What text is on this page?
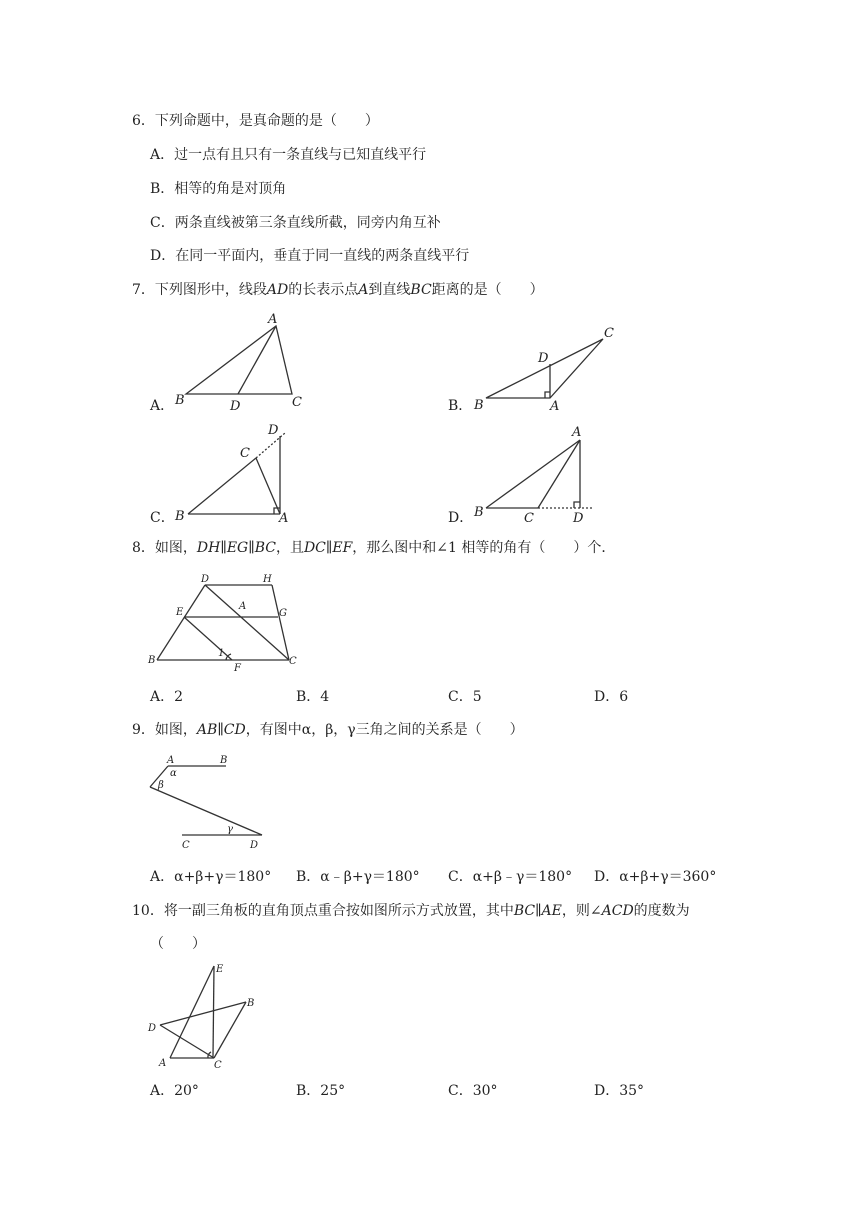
6．下列命题中，是真命题的是（　　）
A．过一点有且只有一条直线与已知直线平行
B．相等的角是对顶角
C．两条直线被第三条直线所截，同旁内角互补
D．在同一平面内，垂直于同一直线的两条直线平行
7．下列图形中，线段AD的长表示点A到直线BC距离的是（　　）
A．
A
B	D	C	B．
C
D
B	A
C．
D
C
B	A	D．
A
B	C	D
8．如图，DH∥EG∥BC，且DC∥EF，那么图中和∠1 相等的角有（　　）个．
D	H
E
A
G
1
B
F
C
A．2	B．4	C．5	D．6
9．如图，AB∥CD，有图中α，β，γ三角之间的关系是（　　）
A	B
α
β
γ
C	D
A．α+β+γ＝180° B．α﹣β+γ＝180° C．α+β﹣γ＝180° D．α+β+γ＝360°
10．将一副三角板的直角顶点重合按如图所示方式放置，其中BC∥AE，则∠ACD的度数为
（　　）
E
B
D
A	C
A．20°	B．25°	C．30°	D．35°
